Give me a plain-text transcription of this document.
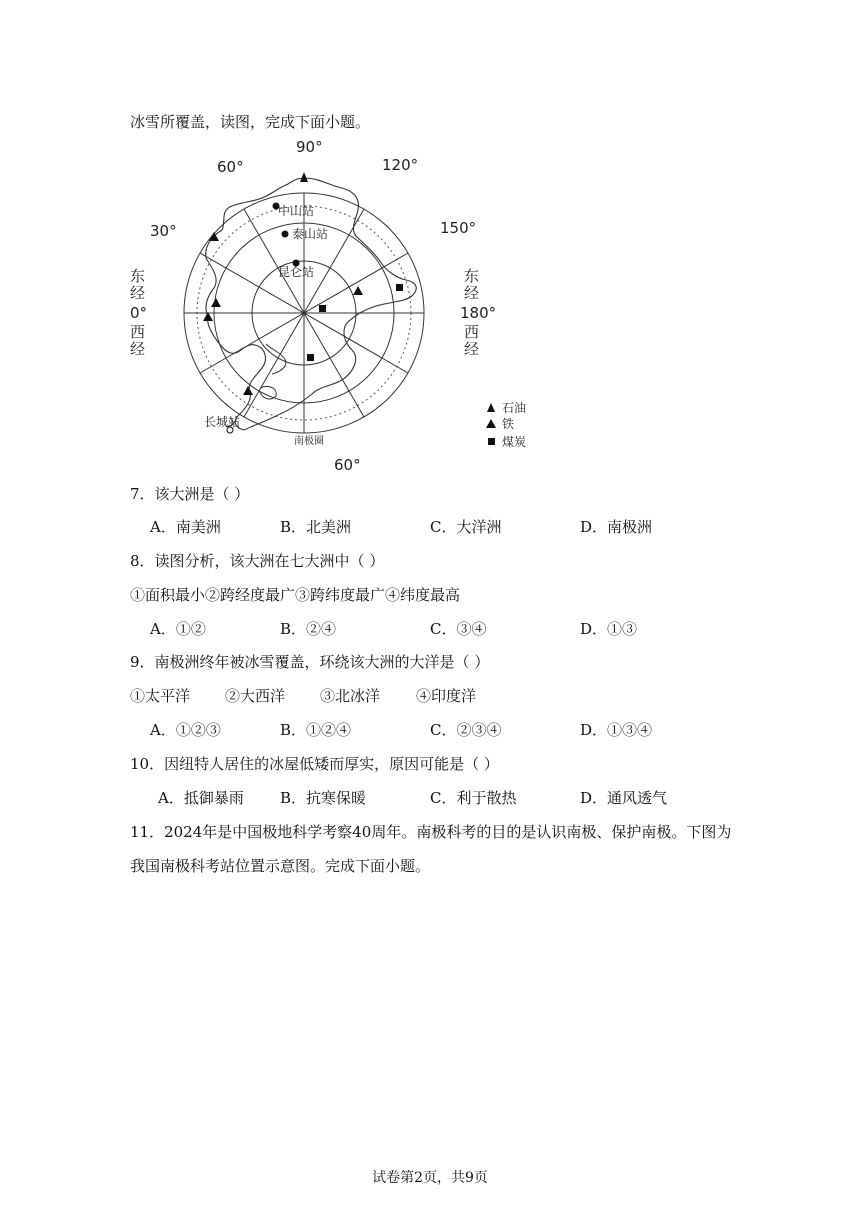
冰雪所覆盖，读图，完成下面小题。
90°
120°
60°
150°
30°
东
经
0°
西
经
东
经
180°
西
经
60°
中山站
泰山站
昆仑站
长城站
南极圈
石油
铁
煤炭
7．该大洲是（ ）
A．南美洲	B．北美洲	C．大洋洲	D．南极洲
8．读图分析，该大洲在七大洲中（ ）
①面积最小②跨经度最广③跨纬度最广④纬度最高
A．①②	B．②④	C．③④	D．①③
9．南极洲终年被冰雪覆盖，环绕该大洲的大洋是（ ）
①太平洋 ②大西洋 ③北冰洋 ④印度洋
A．①②③	B．①②④	C．②③④	D．①③④
10．因纽特人居住的冰屋低矮而厚实，原因可能是（ ）
A．抵御暴雨 B．抗寒保暖	C．利于散热	D．通风透气
11．2024年是中国极地科学考察40周年。南极科考的目的是认识南极、保护南极。下图为
我国南极科考站位置示意图。完成下面小题。
试卷第2页，共9页
